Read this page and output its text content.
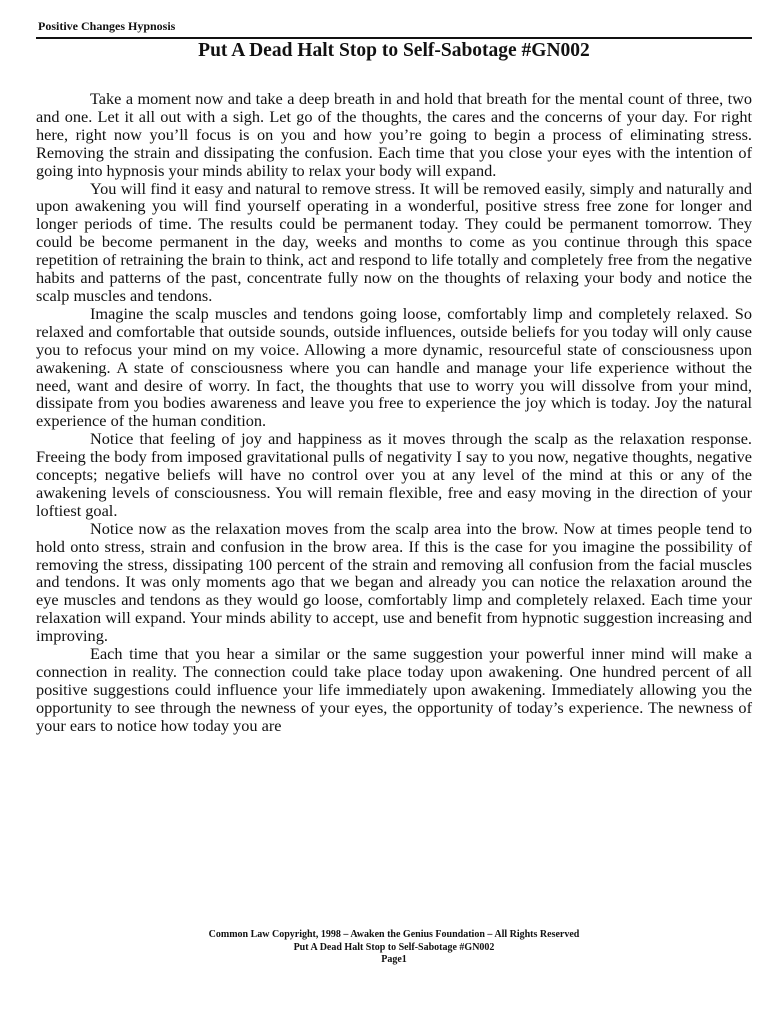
Positive Changes Hypnosis
Put A Dead Halt Stop to Self-Sabotage #GN002

Take a moment now and take a deep breath in and hold that breath for the mental count of three, two and one. Let it all out with a sigh. Let go of the thoughts, the cares and the concerns of your day. For right here, right now you’ll focus is on you and how you’re going to begin a process of eliminating stress. Removing the strain and dissipating the confusion. Each time that you close your eyes with the intention of going into hypnosis your minds ability to relax your body will expand.

You will find it easy and natural to remove stress. It will be removed easily, simply and naturally and upon awakening you will find yourself operating in a wonderful, positive stress free zone for longer and longer periods of time. The results could be permanent today. They could be permanent tomorrow. They could be become permanent in the day, weeks and months to come as you continue through this space repetition of retraining the brain to think, act and respond to life totally and completely free from the negative habits and patterns of the past, concentrate fully now on the thoughts of relaxing your body and notice the scalp muscles and tendons.

Imagine the scalp muscles and tendons going loose, comfortably limp and completely relaxed. So relaxed and comfortable that outside sounds, outside influences, outside beliefs for you today will only cause you to refocus your mind on my voice. Allowing a more dynamic, resourceful state of consciousness upon awakening. A state of consciousness where you can handle and manage your life experience without the need, want and desire of worry. In fact, the thoughts that use to worry you will dissolve from your mind, dissipate from you bodies awareness and leave you free to experience the joy which is today. Joy the natural experience of the human condition.

Notice that feeling of joy and happiness as it moves through the scalp as the relaxation response. Freeing the body from imposed gravitational pulls of negativity I say to you now, negative thoughts, negative concepts; negative beliefs will have no control over you at any level of the mind at this or any of the awakening levels of consciousness. You will remain flexible, free and easy moving in the direction of your loftiest goal.

Notice now as the relaxation moves from the scalp area into the brow. Now at times people tend to hold onto stress, strain and confusion in the brow area. If this is the case for you imagine the possibility of removing the stress, dissipating 100 percent of the strain and removing all confusion from the facial muscles and tendons. It was only moments ago that we began and already you can notice the relaxation around the eye muscles and tendons as they would go loose, comfortably limp and completely relaxed. Each time your relaxation will expand. Your minds ability to accept, use and benefit from hypnotic suggestion increasing and improving.

Each time that you hear a similar or the same suggestion your powerful inner mind will make a connection in reality. The connection could take place today upon awakening. One hundred percent of all positive suggestions could influence your life immediately upon awakening. Immediately allowing you the opportunity to see through the newness of your eyes, the opportunity of today’s experience. The newness of your ears to notice how today you are

Common Law Copyright, 1998 – Awaken the Genius Foundation – All Rights Reserved
Put A Dead Halt Stop to Self-Sabotage #GN002
Page1
